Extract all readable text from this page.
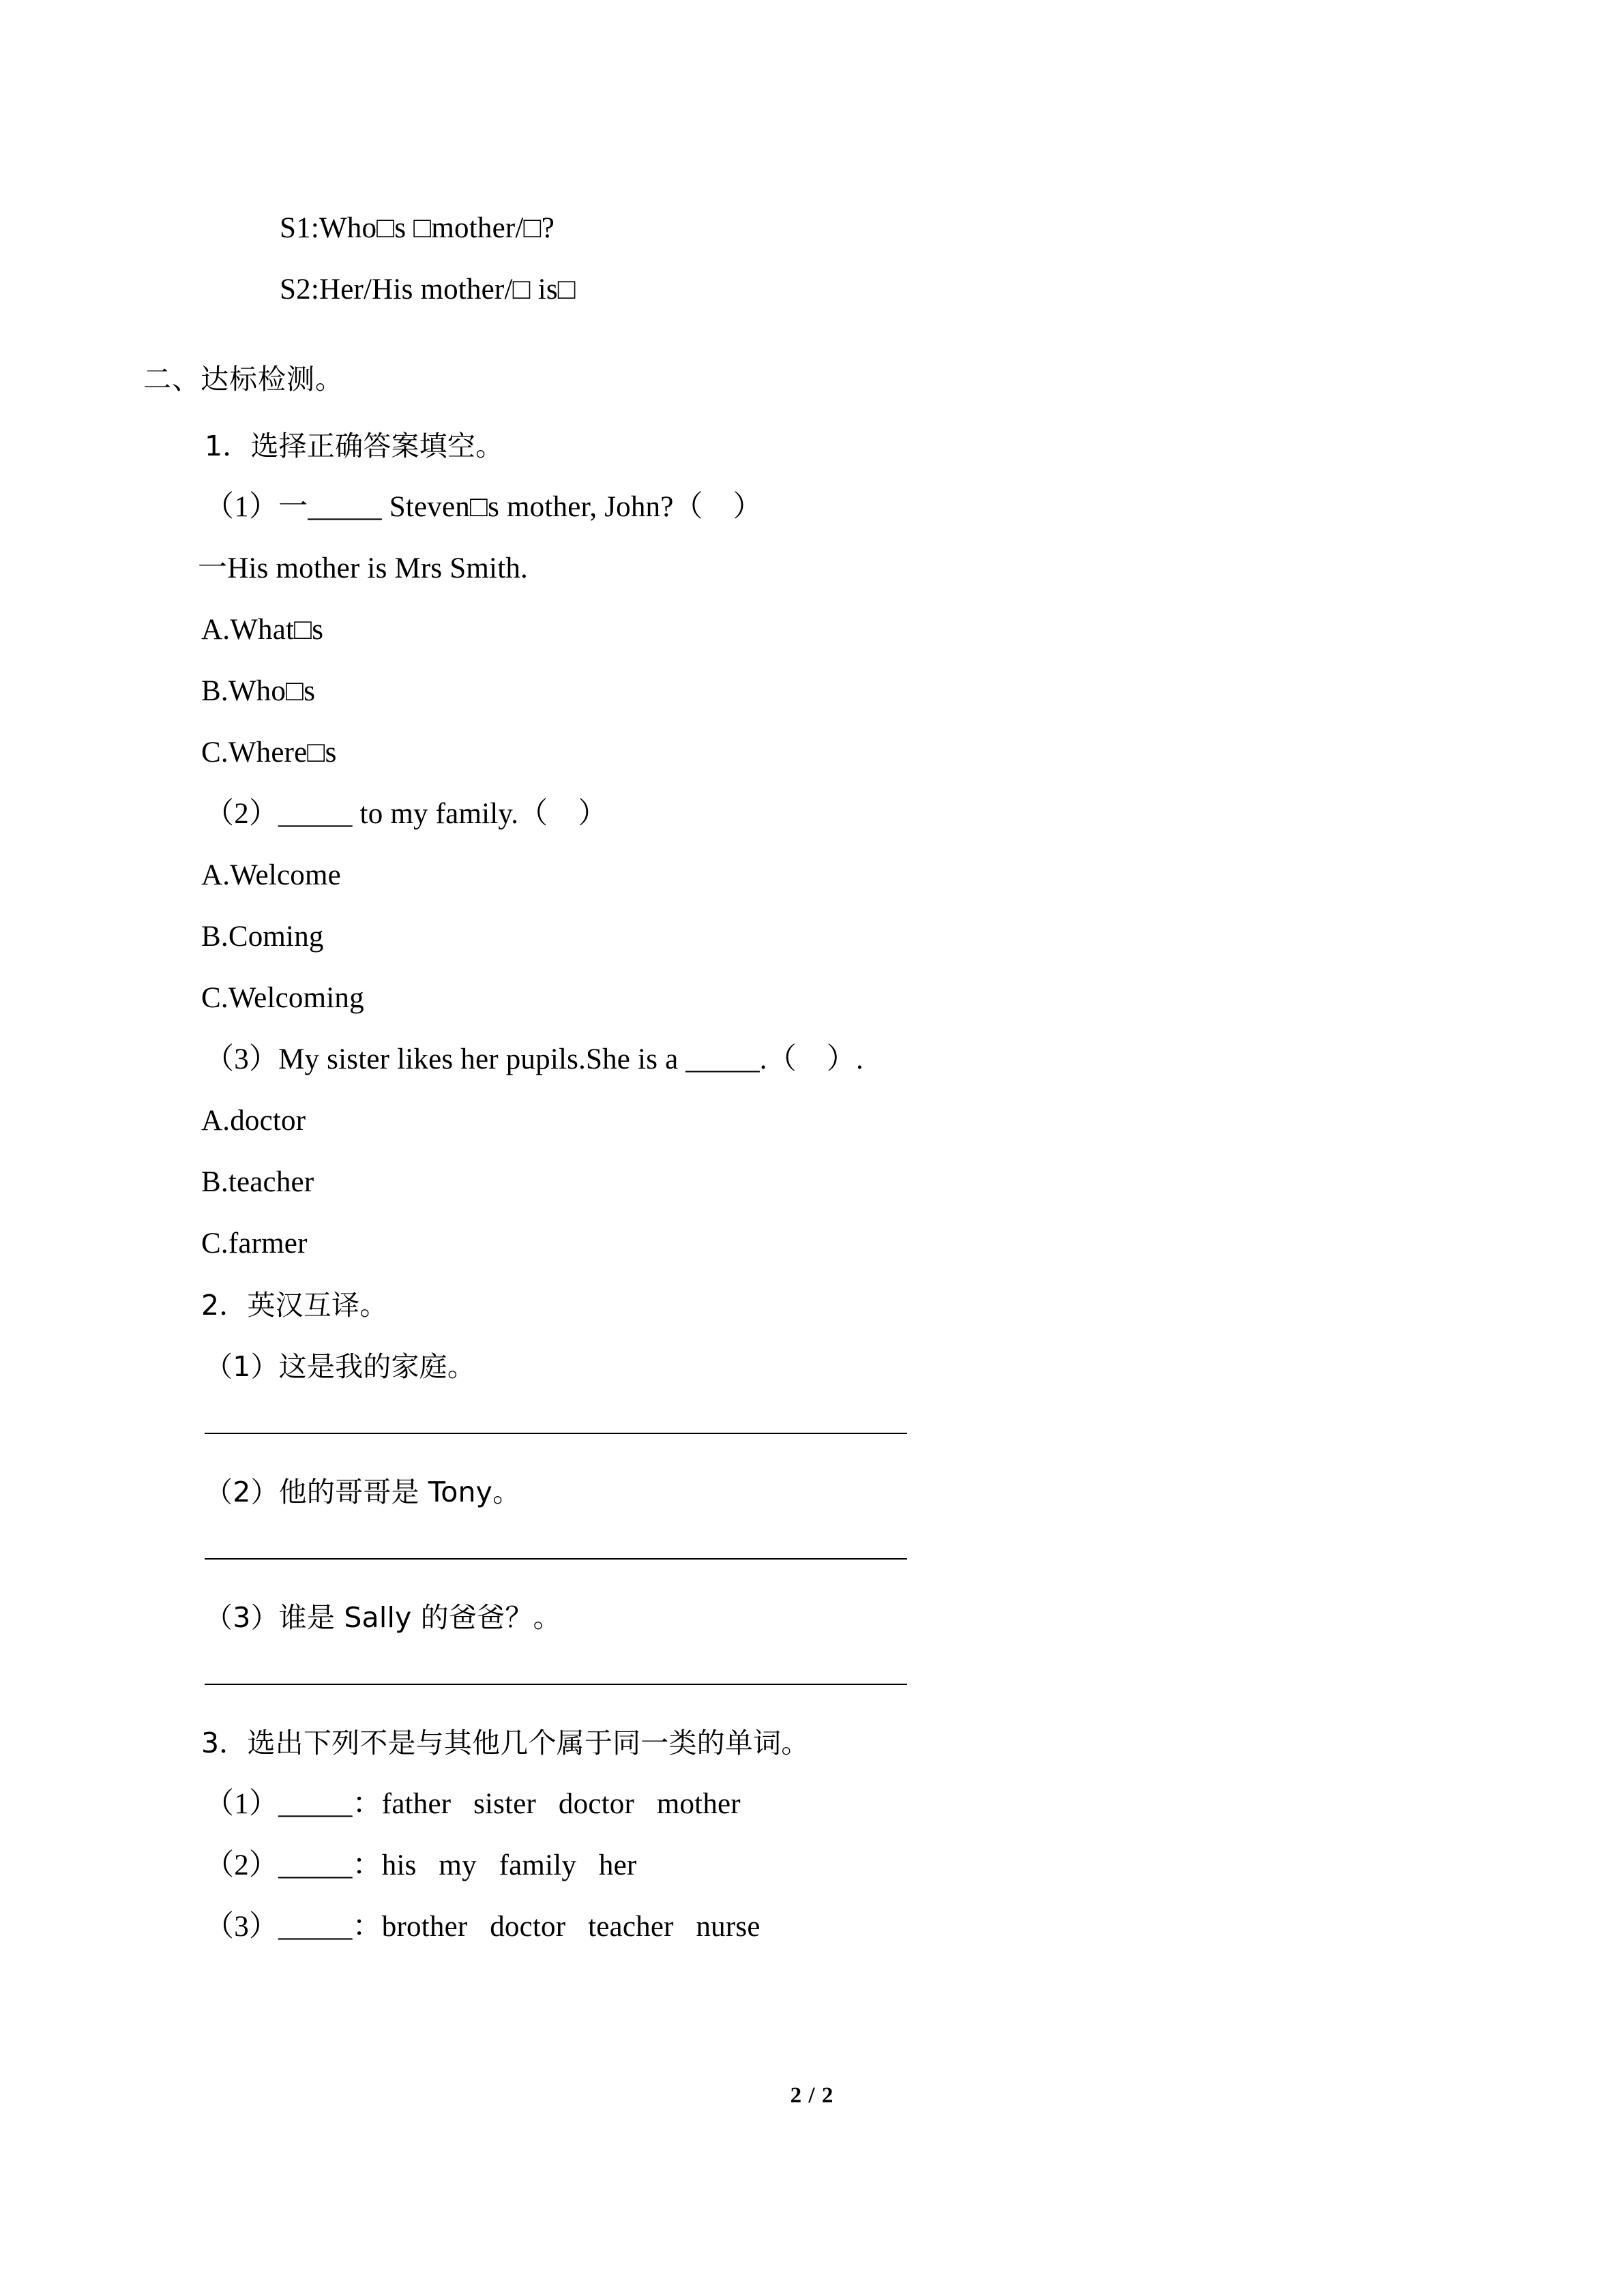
S1:Who□s □mother/□?
S2:Her/His mother/□ is□
二、达标检测。
1．选择正确答案填空。
（1）一_____ Steven□s mother, John?（    ）
一His mother is Mrs Smith.
A.What□s
B.Who□s
C.Where□s
（2）_____ to my family.（    ）
A.Welcome
B.Coming
C.Welcoming
（3）My sister likes her pupils.She is a _____.（    ）.
A.doctor
B.teacher
C.farmer
2．英汉互译。
（1）这是我的家庭。
（2）他的哥哥是 Tony。
（3）谁是 Sally 的爸爸？。
3．选出下列不是与其他几个属于同一类的单词。
（1）_____：father   sister   doctor   mother
（2）_____：his   my   family   her
（3）_____：brother   doctor   teacher   nurse
2 / 2
